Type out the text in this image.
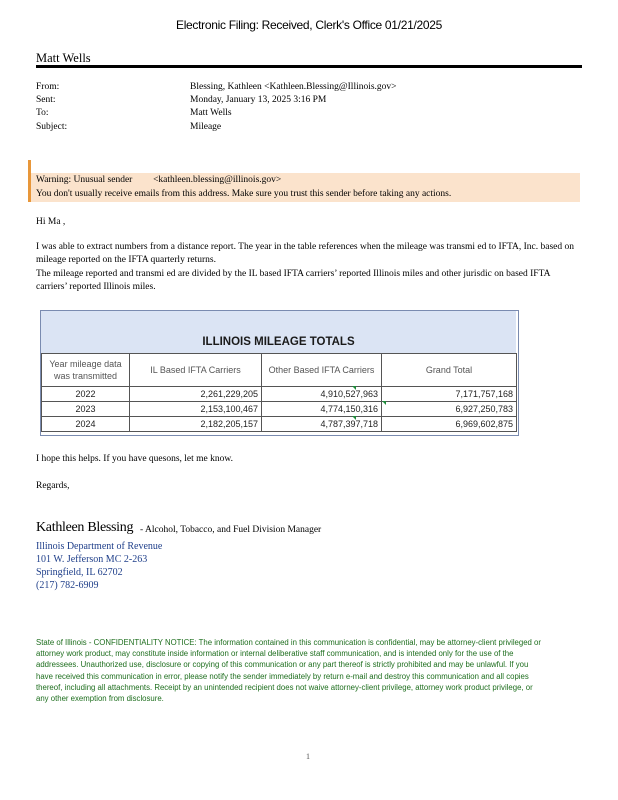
Electronic Filing: Received, Clerk's Office 01/21/2025
Matt Wells
From:	Blessing, Kathleen <Kathleen.Blessing@Illinois.gov>
Sent:	Monday, January 13, 2025 3:16 PM
To:	Matt Wells
Subject:	Mileage
Warning: Unusual sender <kathleen.blessing@illinois.gov>
You don't usually receive emails from this address. Make sure you trust this sender before taking any actions.
Hi Ma ,
I was able to extract numbers from a distance report. The year in the table references when the mileage was transmi ed to IFTA, Inc. based on mileage reported on the IFTA quarterly returns.
The mileage reported and transmi ed are divided by the IL based IFTA carriers’ reported Illinois miles and other jurisdic on based IFTA carriers’ reported Illinois miles.
ILLINOIS MILEAGE TOTALS
Year mileage data was transmitted	IL Based IFTA Carriers	Other Based IFTA Carriers	Grand Total
2022	2,261,229,205	4,910,527,963	7,171,757,168
2023	2,153,100,467	4,774,150,316	6,927,250,783
2024	2,182,205,157	4,787,397,718	6,969,602,875
I hope this helps. If you have quesons, let me know.
Regards,
Kathleen Blessing - Alcohol, Tobacco, and Fuel Division Manager
Illinois Department of Revenue
101 W. Jefferson MC 2-263
Springfield, IL 62702
(217) 782-6909
State of Illinois - CONFIDENTIALITY NOTICE: The information contained in this communication is confidential, may be attorney-client privileged or attorney work product, may constitute inside information or internal deliberative staff communication, and is intended only for the use of the addressees. Unauthorized use, disclosure or copying of this communication or any part thereof is strictly prohibited and may be unlawful. If you have received this communication in error, please notify the sender immediately by return e-mail and destroy this communication and all copies thereof, including all attachments. Receipt by an unintended recipient does not waive attorney-client privilege, attorney work product privilege, or any other exemption from disclosure.
1
